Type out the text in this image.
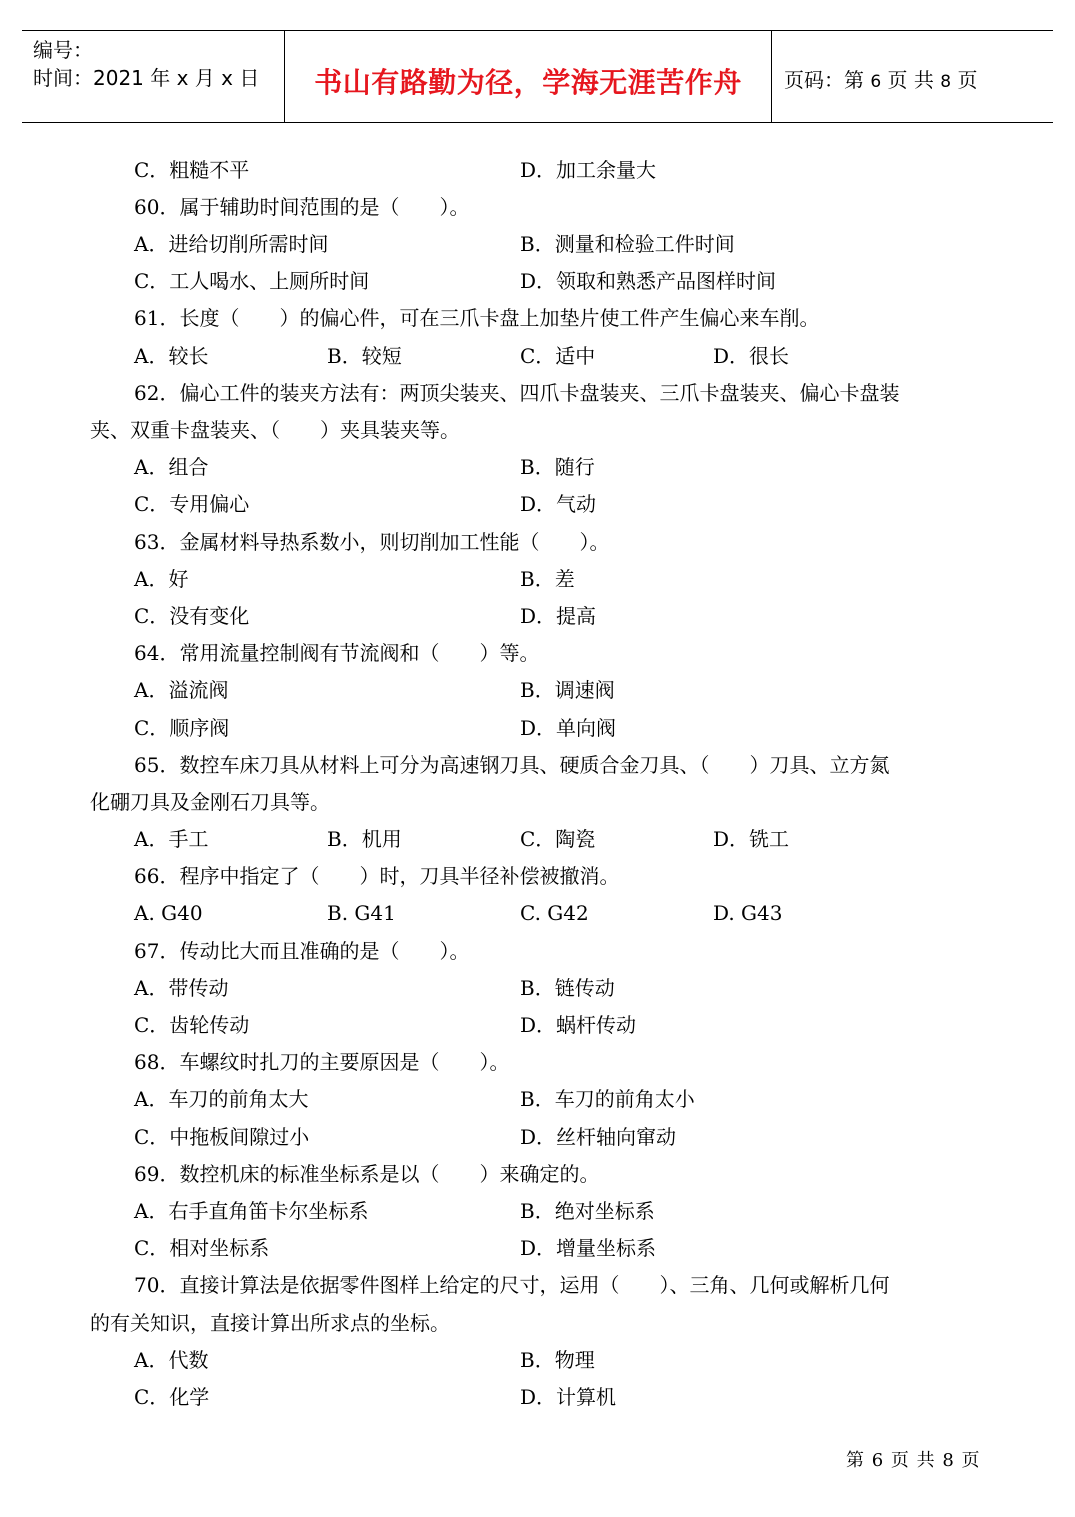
编号：
时间：2021 年 x 月 x 日	书山有路勤为径，学海无涯苦作舟	页码：第 6 页 共 8 页
C．粗糙不平	D．加工余量大
60．属于辅助时间范围的是（　　）。
A．进给切削所需时间	B．测量和检验工件时间
C．工人喝水、上厕所时间	D．领取和熟悉产品图样时间
61．长度（　　）的偏心件，可在三爪卡盘上加垫片使工件产生偏心来车削。
A．较长	B．较短	C．适中	D．很长
62．偏心工件的装夹方法有：两顶尖装夹、四爪卡盘装夹、三爪卡盘装夹、偏心卡盘装
夹、双重卡盘装夹、（　　）夹具装夹等。
A．组合	B．随行
C．专用偏心	D．气动
63．金属材料导热系数小，则切削加工性能（　　）。
A．好	B．差
C．没有变化	D．提高
64．常用流量控制阀有节流阀和（　　）等。
A．溢流阀	B．调速阀
C．顺序阀	D．单向阀
65．数控车床刀具从材料上可分为高速钢刀具、硬质合金刀具、（　　）刀具、立方氮
化硼刀具及金刚石刀具等。
A．手工	B．机用	C．陶瓷	D．铣工
66．程序中指定了（　　）时，刀具半径补偿被撤消。
A. G40	B. G41	C. G42	D. G43
67．传动比大而且准确的是（　　）。
A．带传动	B．链传动
C．齿轮传动	D．蜗杆传动
68．车螺纹时扎刀的主要原因是（　　）。
A．车刀的前角太大	B．车刀的前角太小
C．中拖板间隙过小	D．丝杆轴向窜动
69．数控机床的标准坐标系是以（　　）来确定的。
A．右手直角笛卡尔坐标系	B．绝对坐标系
C．相对坐标系	D．增量坐标系
70．直接计算法是依据零件图样上给定的尺寸，运用（　　）、三角、几何或解析几何
的有关知识，直接计算出所求点的坐标。
A．代数	B．物理
C．化学	D．计算机
第 6 页 共 8 页
